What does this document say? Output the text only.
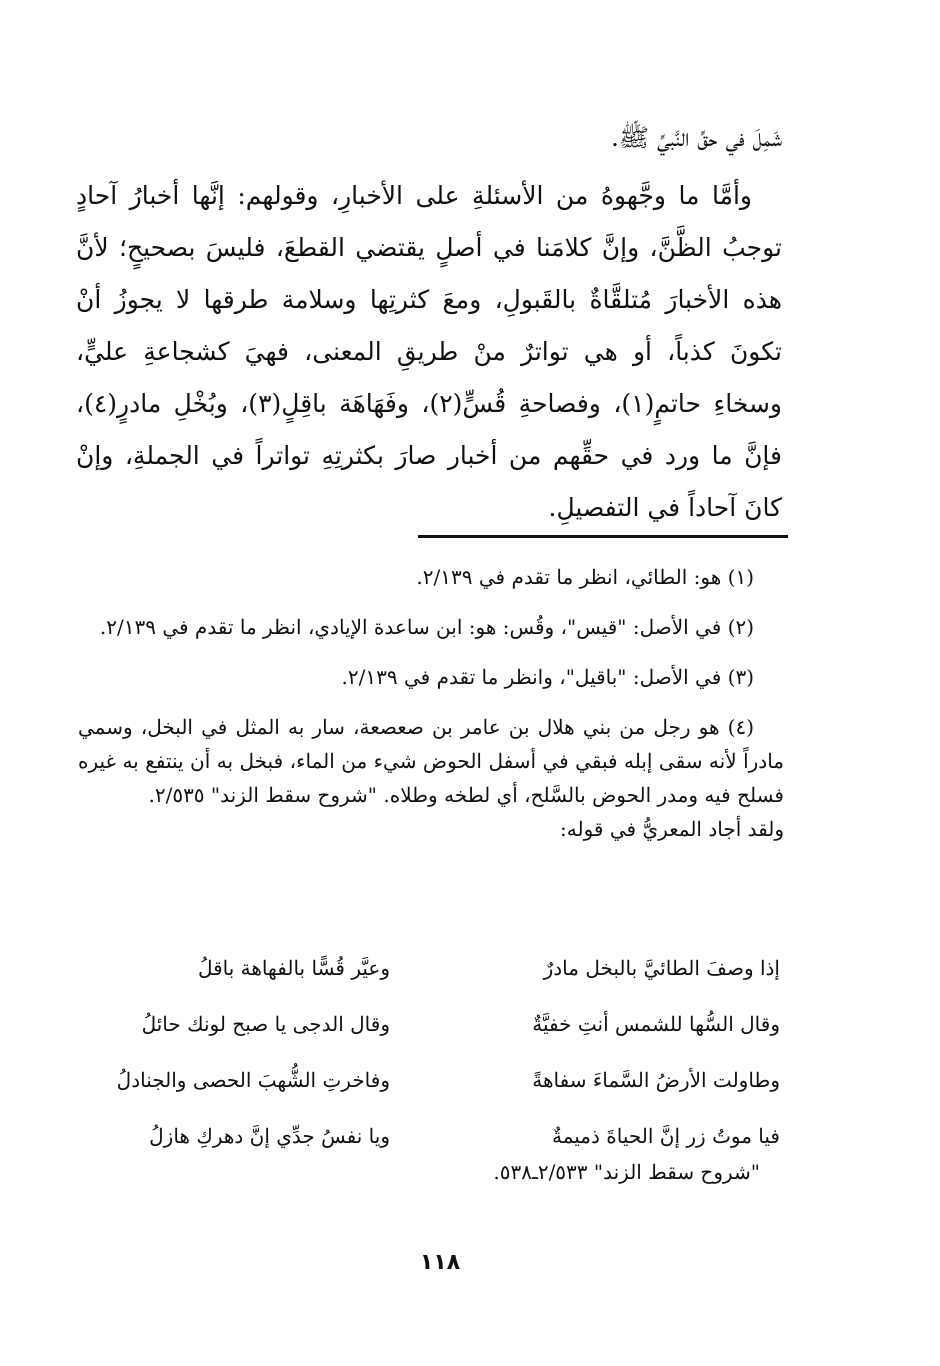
شَمِلَ في حقِّ النَّبيِّ ﷺ.

وأمَّا ما وجَّهوهُ من الأسئلةِ على الأخبارِ، وقولهم: إنَّها أخبارُ آحادٍ توجبُ الظَّنَّ، وإنَّ كلامَنا في أصلٍ يقتضي القطعَ، فليسَ بصحيحٍ؛ لأنَّ هذه الأخبارَ مُتلقَّاةٌ بالقَبولِ، ومعَ كثرتِها وسلامة طرقها لا يجوزُ أنْ تكونَ كذباً، أو هي تواترٌ منْ طريقِ المعنى، فهيَ كشجاعةِ عليٍّ، وسخاءِ حاتمٍ(١)، وفصاحةِ قُسٍّ(٢)، وفَهَاهَة باقِلٍ(٣)، وبُخْلِ مادرٍ(٤)، فإنَّ ما ورد في حقِّهم من أخبار صارَ بكثرتِهِ تواتراً في الجملةِ، وإنْ كانَ آحاداً في التفصيلِ.

(١) هو: الطائي، انظر ما تقدم في ٢/١٣٩.

(٢) في الأصل: "قيس"، وقُس: هو: ابن ساعدة الإيادي، انظر ما تقدم في ٢/١٣٩.

(٣) في الأصل: "باقيل"، وانظر ما تقدم في ٢/١٣٩.

(٤) هو رجل من بني هلال بن عامر بن صعصعة، سار به المثل في البخل، وسمي مادراً لأنه سقى إبله فبقي في أسفل الحوض شيء من الماء، فبخل به أن ينتفع به غيره فسلح فيه ومدر الحوض بالسَّلح، أي لطخه وطلاه. "شروح سقط الزند" ٢/٥٣٥.

ولقد أجاد المعريُّ في قوله:

إذا وصفَ الطائيَّ بالبخل مادرٌ
وعيَّر قُسًّا بالفهاهة باقلُ
وقال السُّها للشمس أنتِ خفيَّةٌ
وقال الدجى يا صبح لونك حائلُ
وطاولت الأرضُ السَّماءَ سفاهةً
وفاخرتِ الشُّهبَ الحصى والجنادلُ
فيا موتُ زر إنَّ الحياةَ ذميمةٌ
ويا نفسُ جدِّي إنَّ دهركِ هازلُ
"شروح سقط الزند" ٢/٥٣٣ـ٥٣٨.
١١٨
